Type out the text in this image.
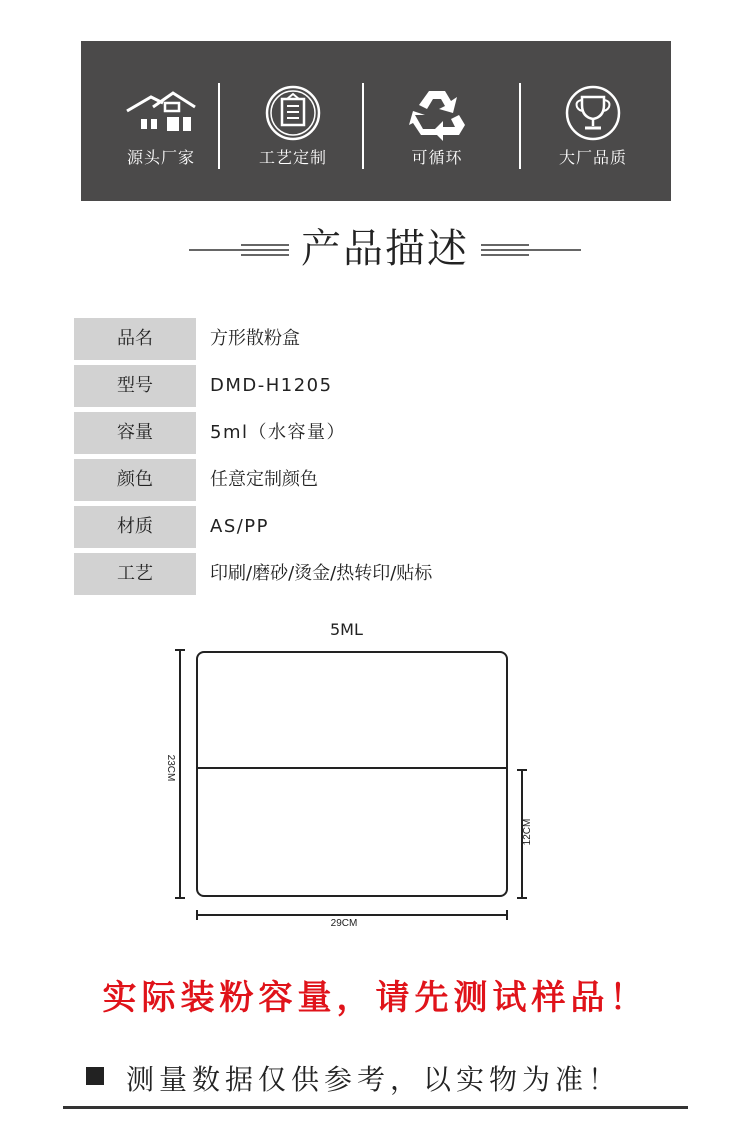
源头厂家	工艺定制	可循环	大厂品质
产品描述
品名	方形散粉盒
型号	DMD-H1205
容量	5ml（水容量）
颜色	任意定制颜色
材质	AS/PP
工艺	印刷/磨砂/烫金/热转印/贴标
5ML
23CM
12CM
29CM
实际装粉容量，请先测试样品！
测量数据仅供参考，以实物为准！
